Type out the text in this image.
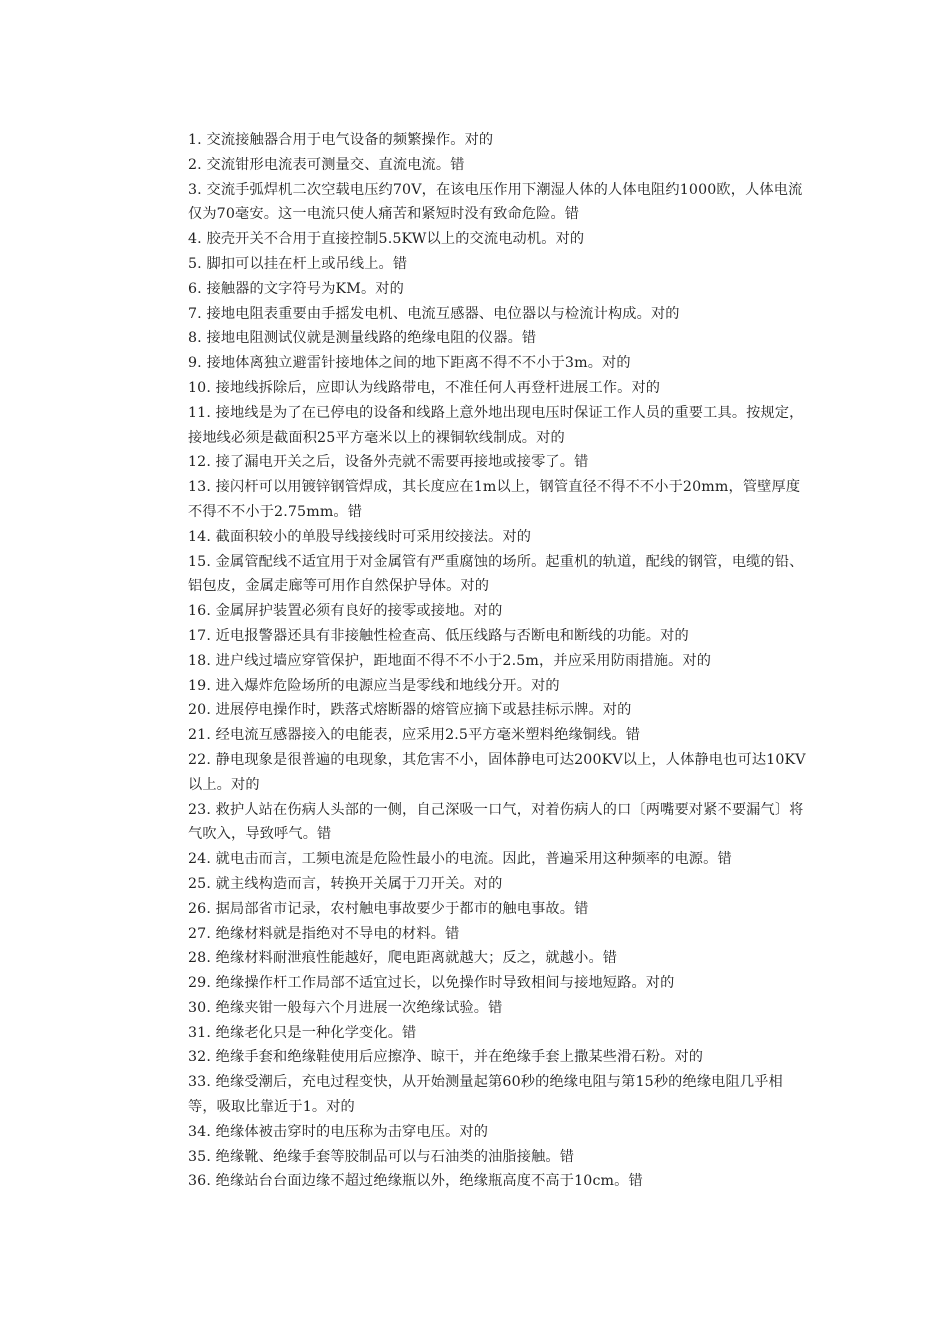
1. 交流接触器合用于电气设备的频繁操作。对的
2. 交流钳形电流表可测量交、直流电流。错
3. 交流手弧焊机二次空载电压约70V，在该电压作用下潮湿人体的人体电阻约1000欧，人体电流仅为70毫安。这一电流只使人痛苦和紧短时没有致命危险。错
4. 胶壳开关不合用于直接控制5.5KW以上的交流电动机。对的
5. 脚扣可以挂在杆上或吊线上。错
6. 接触器的文字符号为KM。对的
7. 接地电阻表重要由手摇发电机、电流互感器、电位器以与检流计构成。对的
8. 接地电阻测试仪就是测量线路的绝缘电阻的仪器。错
9. 接地体离独立避雷针接地体之间的地下距离不得不不小于3m。对的
10. 接地线拆除后，应即认为线路带电，不准任何人再登杆进展工作。对的
11. 接地线是为了在已停电的设备和线路上意外地出现电压时保证工作人员的重要工具。按规定，接地线必须是截面积25平方毫米以上的裸铜软线制成。对的
12. 接了漏电开关之后，设备外壳就不需要再接地或接零了。错
13. 接闪杆可以用镀锌钢管焊成，其长度应在1m以上，钢管直径不得不不小于20mm，管壁厚度不得不不小于2.75mm。错
14. 截面积较小的单股导线接线时可采用绞接法。对的
15. 金属管配线不适宜用于对金属管有严重腐蚀的场所。起重机的轨道，配线的钢管，电缆的铅、铝包皮，金属走廊等可用作自然保护导体。对的
16. 金属屏护装置必须有良好的接零或接地。对的
17. 近电报警器还具有非接触性检查高、低压线路与否断电和断线的功能。对的
18. 进户线过墙应穿管保护，距地面不得不不小于2.5m，并应采用防雨措施。对的
19. 进入爆炸危险场所的电源应当是零线和地线分开。对的
20. 进展停电操作时，跌落式熔断器的熔管应摘下或悬挂标示牌。对的
21. 经电流互感器接入的电能表，应采用2.5平方毫米塑料绝缘铜线。错
22. 静电现象是很普遍的电现象，其危害不小，固体静电可达200KV以上，人体静电也可达10KV以上。对的
23. 救护人站在伤病人头部的一侧，自己深吸一口气，对着伤病人的口〔两嘴要对紧不要漏气〕将气吹入，导致呼气。错
24. 就电击而言，工频电流是危险性最小的电流。因此，普遍采用这种频率的电源。错
25. 就主线构造而言，转换开关属于刀开关。对的
26. 据局部省市记录，农村触电事故要少于都市的触电事故。错
27. 绝缘材料就是指绝对不导电的材料。错
28. 绝缘材料耐泄痕性能越好，爬电距离就越大；反之，就越小。错
29. 绝缘操作杆工作局部不适宜过长，以免操作时导致相间与接地短路。对的
30. 绝缘夹钳一般每六个月进展一次绝缘试验。错
31. 绝缘老化只是一种化学变化。错
32. 绝缘手套和绝缘鞋使用后应擦净、晾干，并在绝缘手套上撒某些滑石粉。对的
33. 绝缘受潮后，充电过程变快，从开始测量起第60秒的绝缘电阻与第15秒的绝缘电阻几乎相等，吸取比靠近于1。对的
34. 绝缘体被击穿时的电压称为击穿电压。对的
35. 绝缘靴、绝缘手套等胶制品可以与石油类的油脂接触。错
36. 绝缘站台台面边缘不超过绝缘瓶以外，绝缘瓶高度不高于10cm。错
